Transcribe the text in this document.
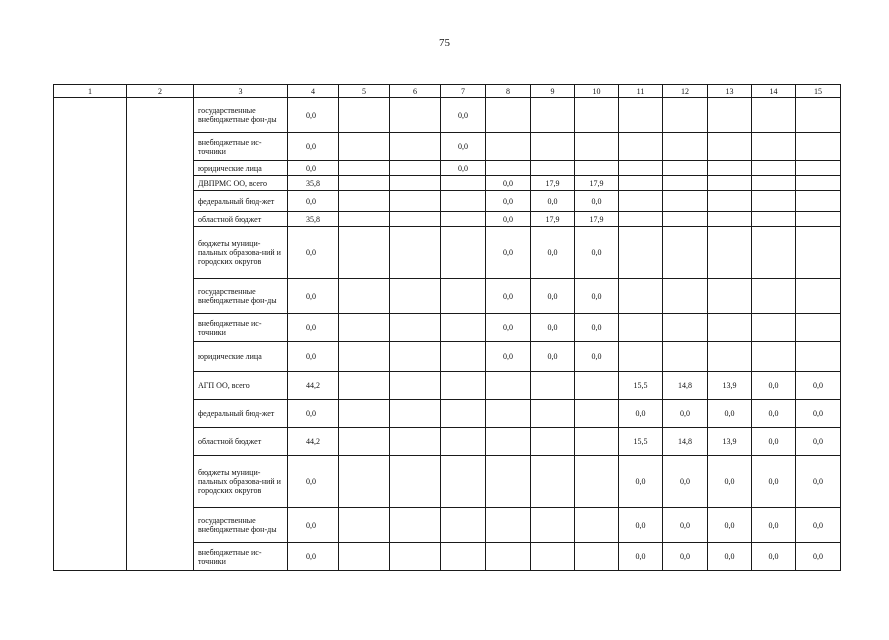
75
1	2	3	4	5	6	7	8	9	10	11	12	13	14	15	
		государственные внебюджетные фон-ды	0,0			0,0									
		внебюджетные ис-точники	0,0			0,0									
		юридические лица	0,0			0,0									
		ДВПРМС ОО, всего	35,8				0,0	17,9	17,9						
		федеральный бюд-жет	0,0				0,0	0,0	0,0						
		областной бюджет	35,8				0,0	17,9	17,9						
		бюджеты муници-пальных образова-ний и городских округов	0,0				0,0	0,0	0,0						
		государственные внебюджетные фон-ды	0,0				0,0	0,0	0,0						
		внебюджетные ис-точники	0,0				0,0	0,0	0,0						
		юридические лица	0,0				0,0	0,0	0,0						
		АГП ОО, всего	44,2							15,5	14,8	13,9	0,0	0,0	
		федеральный бюд-жет	0,0							0,0	0,0	0,0	0,0	0,0	
		областной бюджет	44,2							15,5	14,8	13,9	0,0	0,0	
		бюджеты муници-пальных образова-ний и городских округов	0,0							0,0	0,0	0,0	0,0	0,0	
		государственные внебюджетные фон-ды	0,0							0,0	0,0	0,0	0,0	0,0	
		внебюджетные ис-точники	0,0							0,0	0,0	0,0	0,0	0,0	
